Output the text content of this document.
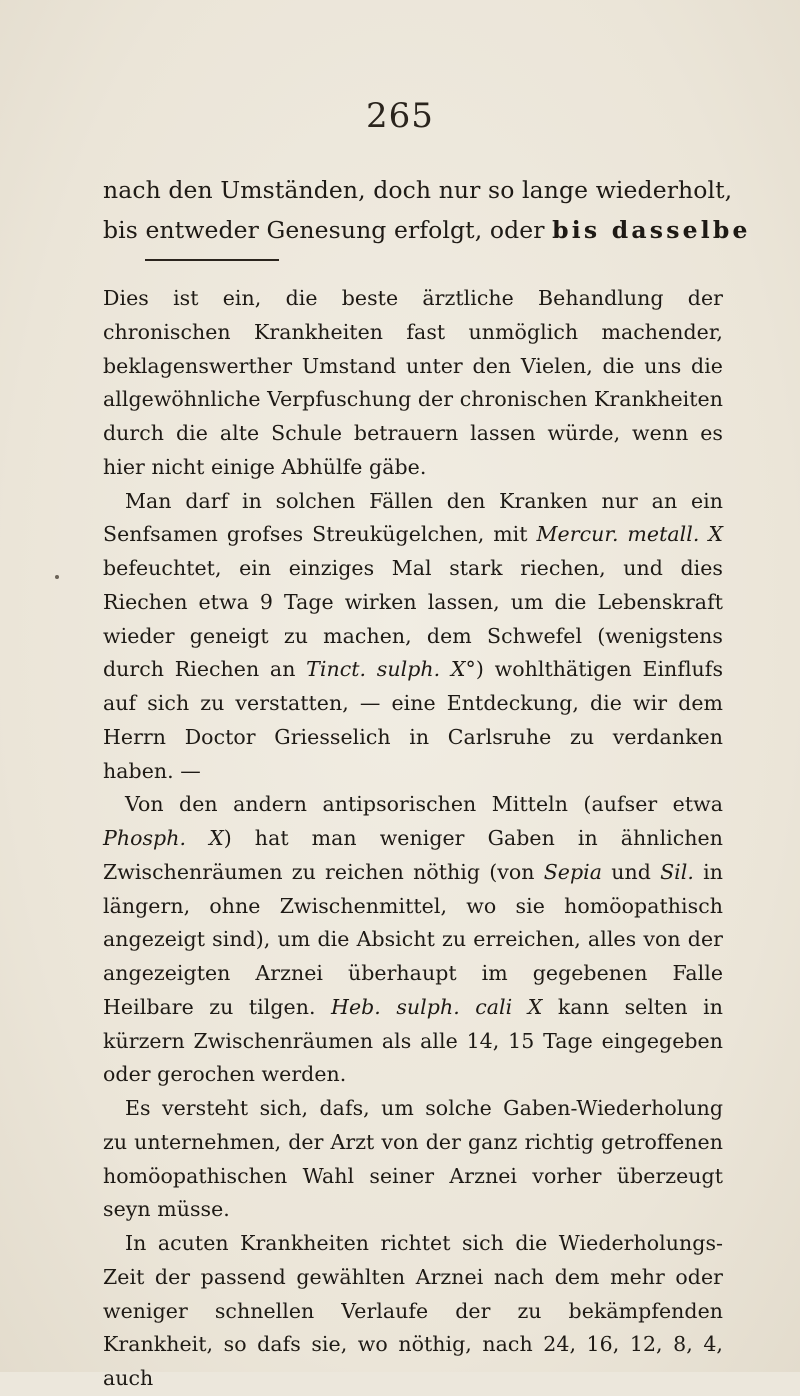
265
nach den Umständen, doch nur so lange wiederholt,
bis entweder Genesung erfolgt, oder bis dasselbe

Dies ist ein, die beste ärztliche Behandlung der chronischen Krankheiten fast unmöglich machender, beklagenswerther Umstand unter den Vielen, die uns die allgewöhnliche Verpfuschung der chronischen Krankheiten durch die alte Schule betrauern lassen würde, wenn es hier nicht einige Abhülfe gäbe.

Man darf in solchen Fällen den Kranken nur an ein Senfsamen grofses Streukügelchen, mit Mercur. metall. X befeuchtet, ein einziges Mal stark riechen, und dies Riechen etwa 9 Tage wirken lassen, um die Lebenskraft wieder geneigt zu machen, dem Schwefel (wenigstens durch Riechen an Tinct. sulph. X°) wohlthätigen Einflufs auf sich zu verstatten, — eine Entdeckung, die wir dem Herrn Doctor Griesselich in Carlsruhe zu verdanken haben. —

Von den andern antipsorischen Mitteln (aufser etwa Phosph. X) hat man weniger Gaben in ähnlichen Zwischenräumen zu reichen nöthig (von Sepia und Sil. in längern, ohne Zwischenmittel, wo sie homöopathisch angezeigt sind), um die Absicht zu erreichen, alles von der angezeigten Arznei überhaupt im gegebenen Falle Heilbare zu tilgen. Heb. sulph. cali X kann selten in kürzern Zwischenräumen als alle 14, 15 Tage eingegeben oder gerochen werden.

Es versteht sich, dafs, um solche Gaben-Wiederholung zu unternehmen, der Arzt von der ganz richtig getroffenen homöopathischen Wahl seiner Arznei vorher überzeugt seyn müsse.

In acuten Krankheiten richtet sich die Wiederholungs-Zeit der passend gewählten Arznei nach dem mehr oder weniger schnellen Verlaufe der zu bekämpfenden Krankheit, so dafs sie, wo nöthig, nach 24, 16, 12, 8, 4, auch
